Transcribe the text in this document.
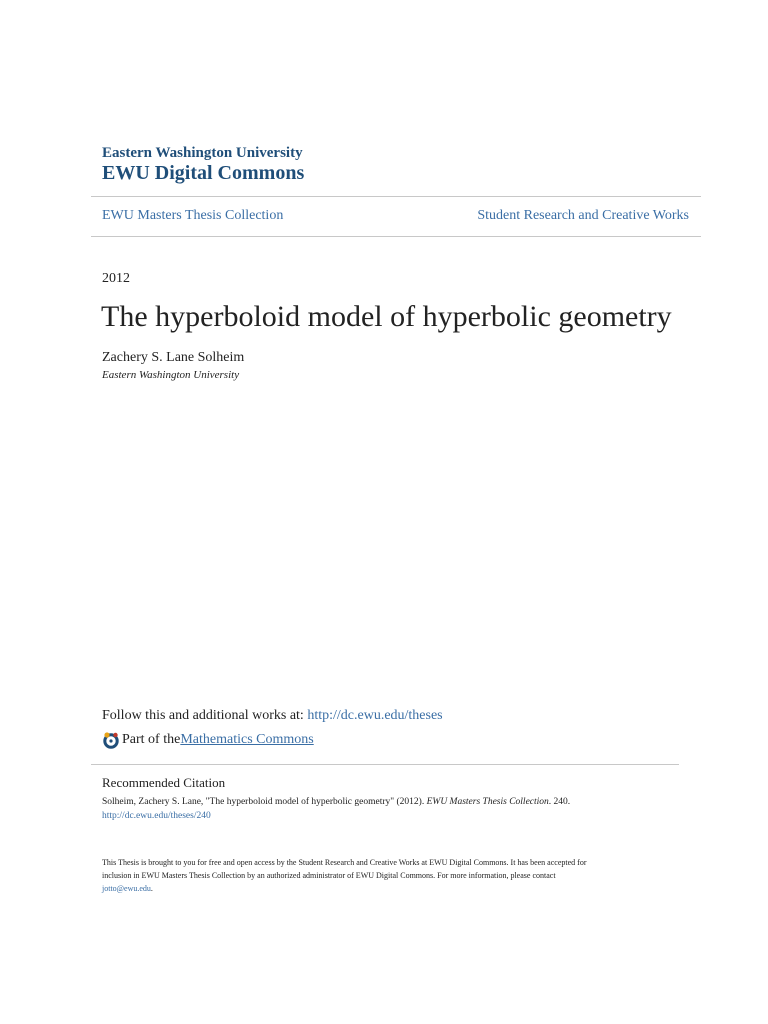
Eastern Washington University
EWU Digital Commons
EWU Masters Thesis Collection	Student Research and Creative Works
2012
The hyperboloid model of hyperbolic geometry
Zachery S. Lane Solheim
Eastern Washington University
Follow this and additional works at: http://dc.ewu.edu/theses
Part of the Mathematics Commons
Recommended Citation
Solheim, Zachery S. Lane, "The hyperboloid model of hyperbolic geometry" (2012). EWU Masters Thesis Collection. 240.
http://dc.ewu.edu/theses/240
This Thesis is brought to you for free and open access by the Student Research and Creative Works at EWU Digital Commons. It has been accepted for
inclusion in EWU Masters Thesis Collection by an authorized administrator of EWU Digital Commons. For more information, please contact
jotto@ewu.edu.
